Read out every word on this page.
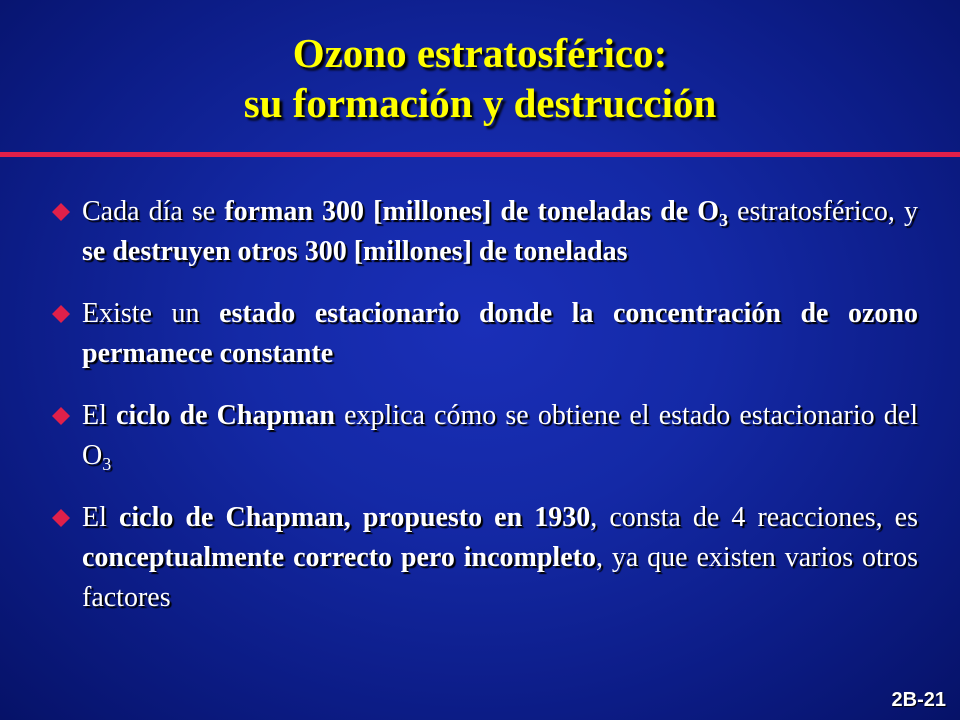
Ozono estratosférico:
su formación y destrucción
Cada día se forman 300 [millones] de toneladas de $O_3$ estratosférico, y se destruyen otros 300 [millones] de toneladas
Existe un estado estacionario donde la concentración de ozono permanece constante
El ciclo de Chapman explica cómo se obtiene el estado estacionario del $O_3$
El ciclo de Chapman, propuesto en 1930, consta de 4 reacciones, es conceptualmente correcto pero incompleto, ya que existen varios otros factores
2B-21
